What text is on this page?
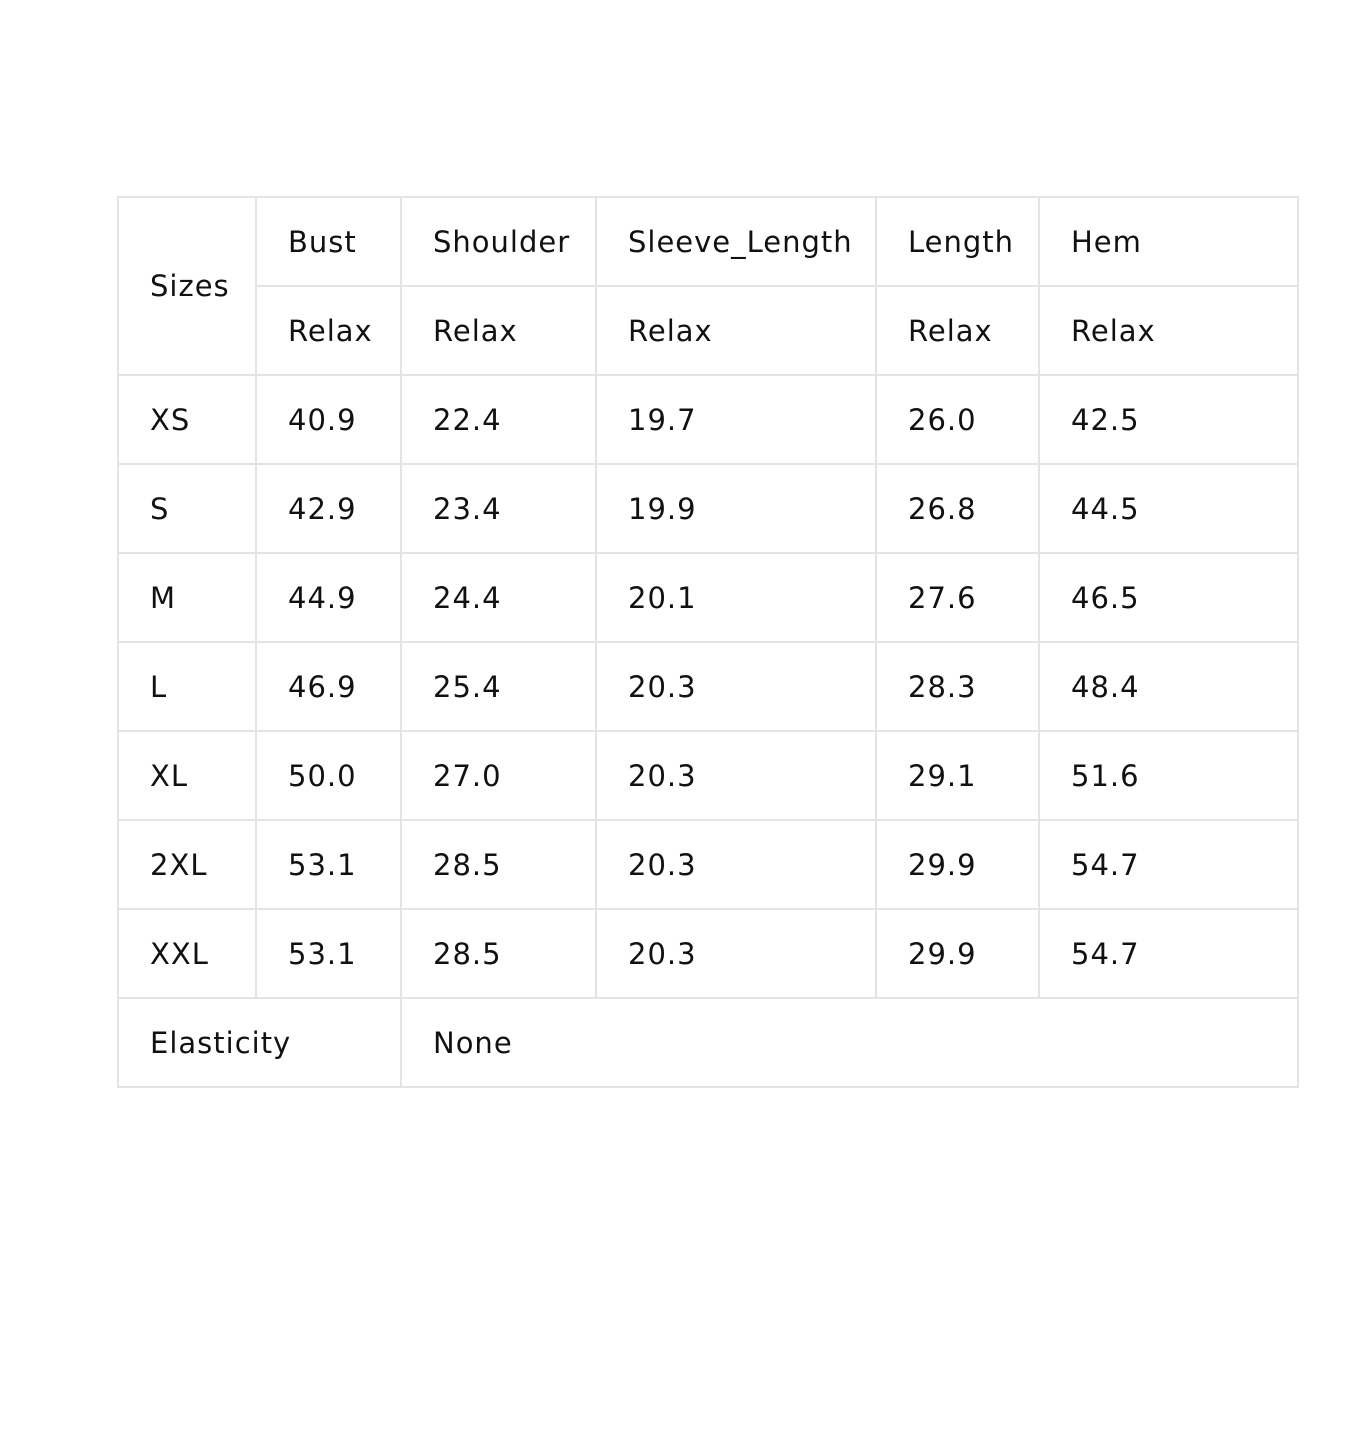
Sizes	Bust	Shoulder	Sleeve_Length	Length	Hem
	Relax	Relax	Relax	Relax	Relax
XS	40.9	22.4	19.7	26.0	42.5
S	42.9	23.4	19.9	26.8	44.5
M	44.9	24.4	20.1	27.6	46.5
L	46.9	25.4	20.3	28.3	48.4
XL	50.0	27.0	20.3	29.1	51.6
2XL	53.1	28.5	20.3	29.9	54.7
XXL	53.1	28.5	20.3	29.9	54.7
Elasticity		None			
